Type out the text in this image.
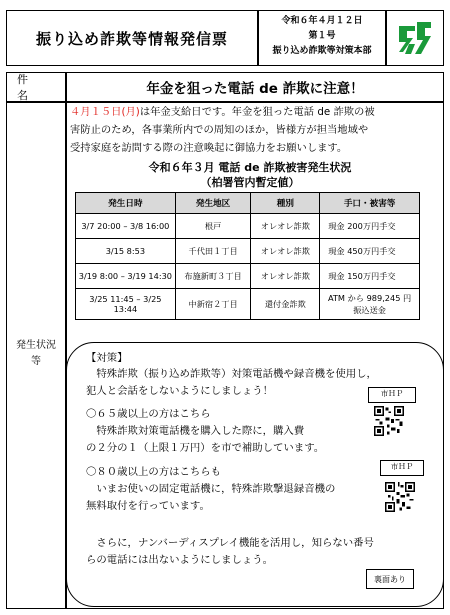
振り込め詐欺等情報発信票
令和６年４月１２日
第１号
振り込め詐欺等対策本部
件 名	年金を狙った電話 de 詐欺に注意！
発生状況
等
４月１５日(月)は年金支給日です。年金を狙った電話 de 詐欺の被
害防止のため，各事業所内での周知のほか，皆様方が担当地域や
受持家庭を訪問する際の注意喚起に御協力をお願いします。
令和６年３月 電話 de 詐欺被害発生状況
（柏署管内暫定値）
発生日時	発生地区	種別	手口・被害等
3/7 20:00 – 3/8 16:00	根戸	オレオレ詐欺	現金 200万円手交
3/15 8:53	千代田１丁目	オレオレ詐欺	現金 450万円手交
3/19 8:00 – 3/19 14:30	布施新町３丁目	オレオレ詐欺	現金 150万円手交
3/25 11:45 – 3/25 13:44	中新宿２丁目	還付金詐欺	ATM から 989,245 円
振込送金
【対策】
　特殊詐欺（振り込め詐欺等）対策電話機や録音機を使用し，
犯人と会話をしないようにしましょう！
〇６５歳以上の方はこちら
　特殊詐欺対策電話機を購入した際に，購入費
の２分の１（上限１万円）を市で補助しています。
〇８０歳以上の方はこちらも
　いまお使いの固定電話機に，特殊詐欺撃退録音機の
無料取付を行っています。
　さらに，ナンバーディスプレイ機能を活用し，知らない番号
らの電話には出ないようにしましょう。
市ＨＰ
市ＨＰ
裏面あり
